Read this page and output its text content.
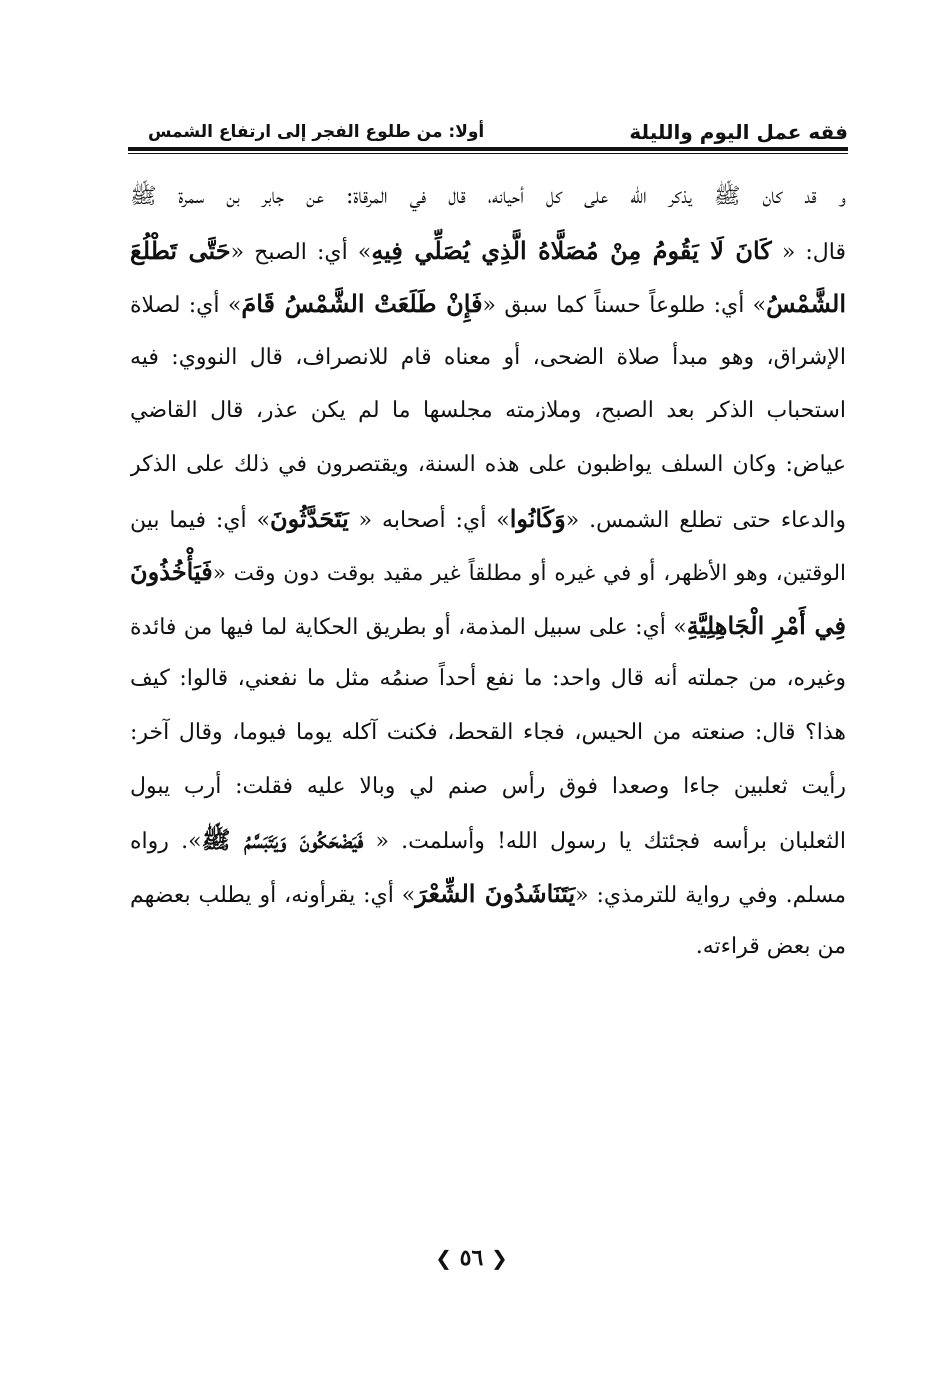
فقه عمل اليوم والليلة
أولا: من طلوع الفجر إلى ارتفاع الشمس
و قد كان ﷺ يذكر الله على كل أحيانه، قال في المرقاة: عن جابر بن سمرة ﷺ
قال: « كَانَ لَا يَقُومُ مِنْ مُصَلَّاهُ الَّذِي يُصَلِّي فِيهِ» أي: الصبح «حَتَّى تَطْلُعَ
الشَّمْسُ» أي: طلوعاً حسناً كما سبق «فَإِنْ طَلَعَتْ الشَّمْسُ قَامَ» أي: لصلاة
الإشراق، وهو مبدأ صلاة الضحى، أو معناه قام للانصراف، قال النووي: فيه
استحباب الذكر بعد الصبح، وملازمته مجلسها ما لم يكن عذر، قال القاضي
عياض: وكان السلف يواظبون على هذه السنة، ويقتصرون في ذلك على الذكر
والدعاء حتى تطلع الشمس. «وَكَانُوا» أي: أصحابه « يَتَحَدَّثُونَ» أي: فيما بين
الوقتين، وهو الأظهر، أو في غيره أو مطلقاً غير مقيد بوقت دون وقت «فَيَأْخُذُونَ
فِي أَمْرِ الْجَاهِلِيَّةِ» أي: على سبيل المذمة، أو بطريق الحكاية لما فيها من فائدة
وغيره، من جملته أنه قال واحد: ما نفع أحداً صنمُه مثل ما نفعني، قالوا: كيف
هذا؟ قال: صنعته من الحيس، فجاء القحط، فكنت آكله يوما فيوما، وقال آخر:
رأيت ثعلبين جاءا وصعدا فوق رأس صنم لي وبالا عليه فقلت: أرب يبول
الثعلبان برأسه فجئتك يا رسول الله! وأسلمت. « فَيَضْحَكُونَ وَيَتَبَسَّمُ ﷺ». رواه
مسلم. وفي رواية للترمذي: «يَتَنَاشَدُونَ الشِّعْرَ» أي: يقرأونه، أو يطلب بعضهم
من بعض قراءته.
❮ ٥٦ ❯
